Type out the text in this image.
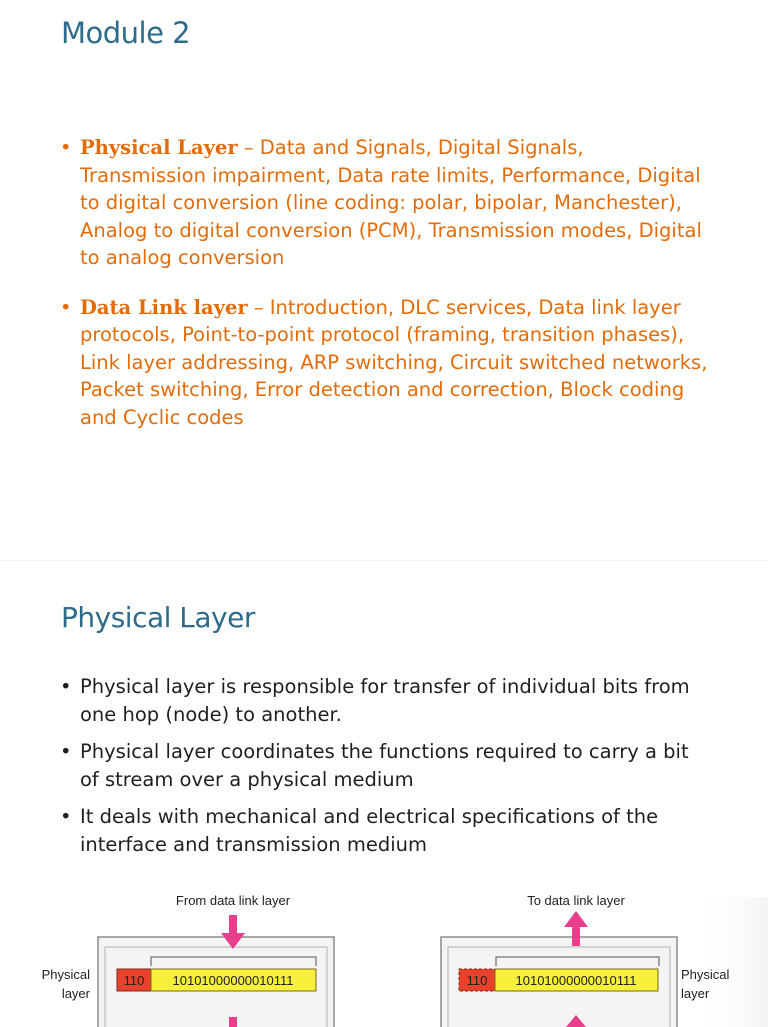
Module 2
• Physical Layer – Data and Signals, Digital Signals, Transmission impairment, Data rate limits, Performance, Digital to digital conversion (line coding: polar, bipolar, Manchester), Analog to digital conversion (PCM), Transmission modes, Digital to analog conversion
• Data Link layer – Introduction, DLC services, Data link layer protocols, Point-to-point protocol (framing, transition phases), Link layer addressing, ARP switching, Circuit switched networks, Packet switching, Error detection and correction, Block coding and Cyclic codes
Physical Layer
• Physical layer is responsible for transfer of individual bits from one hop (node) to another.
• Physical layer coordinates the functions required to carry a bit of stream over a physical medium
• It deals with mechanical and electrical specifications of the interface and transmission medium
From data link layer
110 10101000000010111
Physical
layer
To data link layer
110 10101000000010111	Physical
layer
